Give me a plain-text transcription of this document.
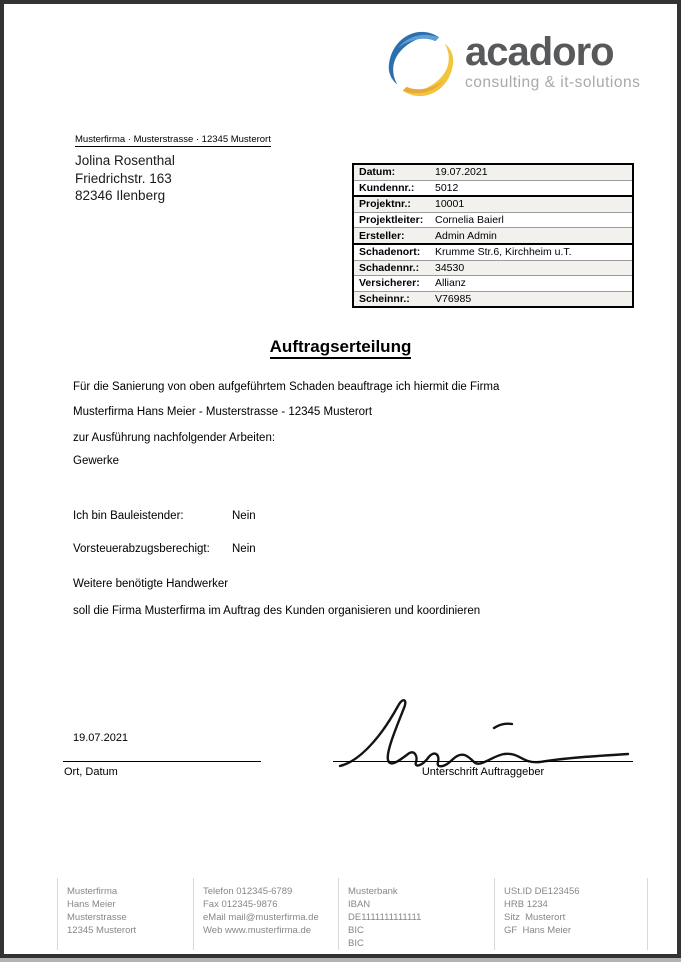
acadoro
consulting & it-solutions
Musterfirma · Musterstrasse · 12345 Musterort
Jolina Rosenthal
Friedrichstr. 163
82346 Ilenberg
Datum:	19.07.2021
Kundennr.:	5012
Projektnr.:	10001
Projektleiter:	Cornelia Baierl
Ersteller:	Admin Admin
Schadenort:	Krumme Str.6, Kirchheim u.T.
Schadennr.:	34530
Versicherer:	Allianz
Scheinnr.:	V76985
Auftragserteilung
Für die Sanierung von oben aufgeführtem Schaden beauftrage ich hiermit die Firma
Musterfirma Hans Meier - Musterstrasse - 12345 Musterort
zur Ausführung nachfolgender Arbeiten:
Gewerke
Ich bin Bauleistender:	Nein
Vorsteuerabzugsberechigt: Nein
Weitere benötigte Handwerker
soll die Firma Musterfirma im Auftrag des Kunden organisieren und koordinieren
19.07.2021
Ort, Datum	Unterschrift Auftraggeber
Musterfirma
Hans Meier
Musterstrasse
12345 Musterort
Telefon 012345-6789
Fax 012345-9876
eMail mail@musterfirma.de
Web www.musterfirma.de
Musterbank
IBAN
DE1111111111111
BIC
BIC
USt.ID DE123456
HRB 1234
Sitz  Musterort
GF  Hans Meier
